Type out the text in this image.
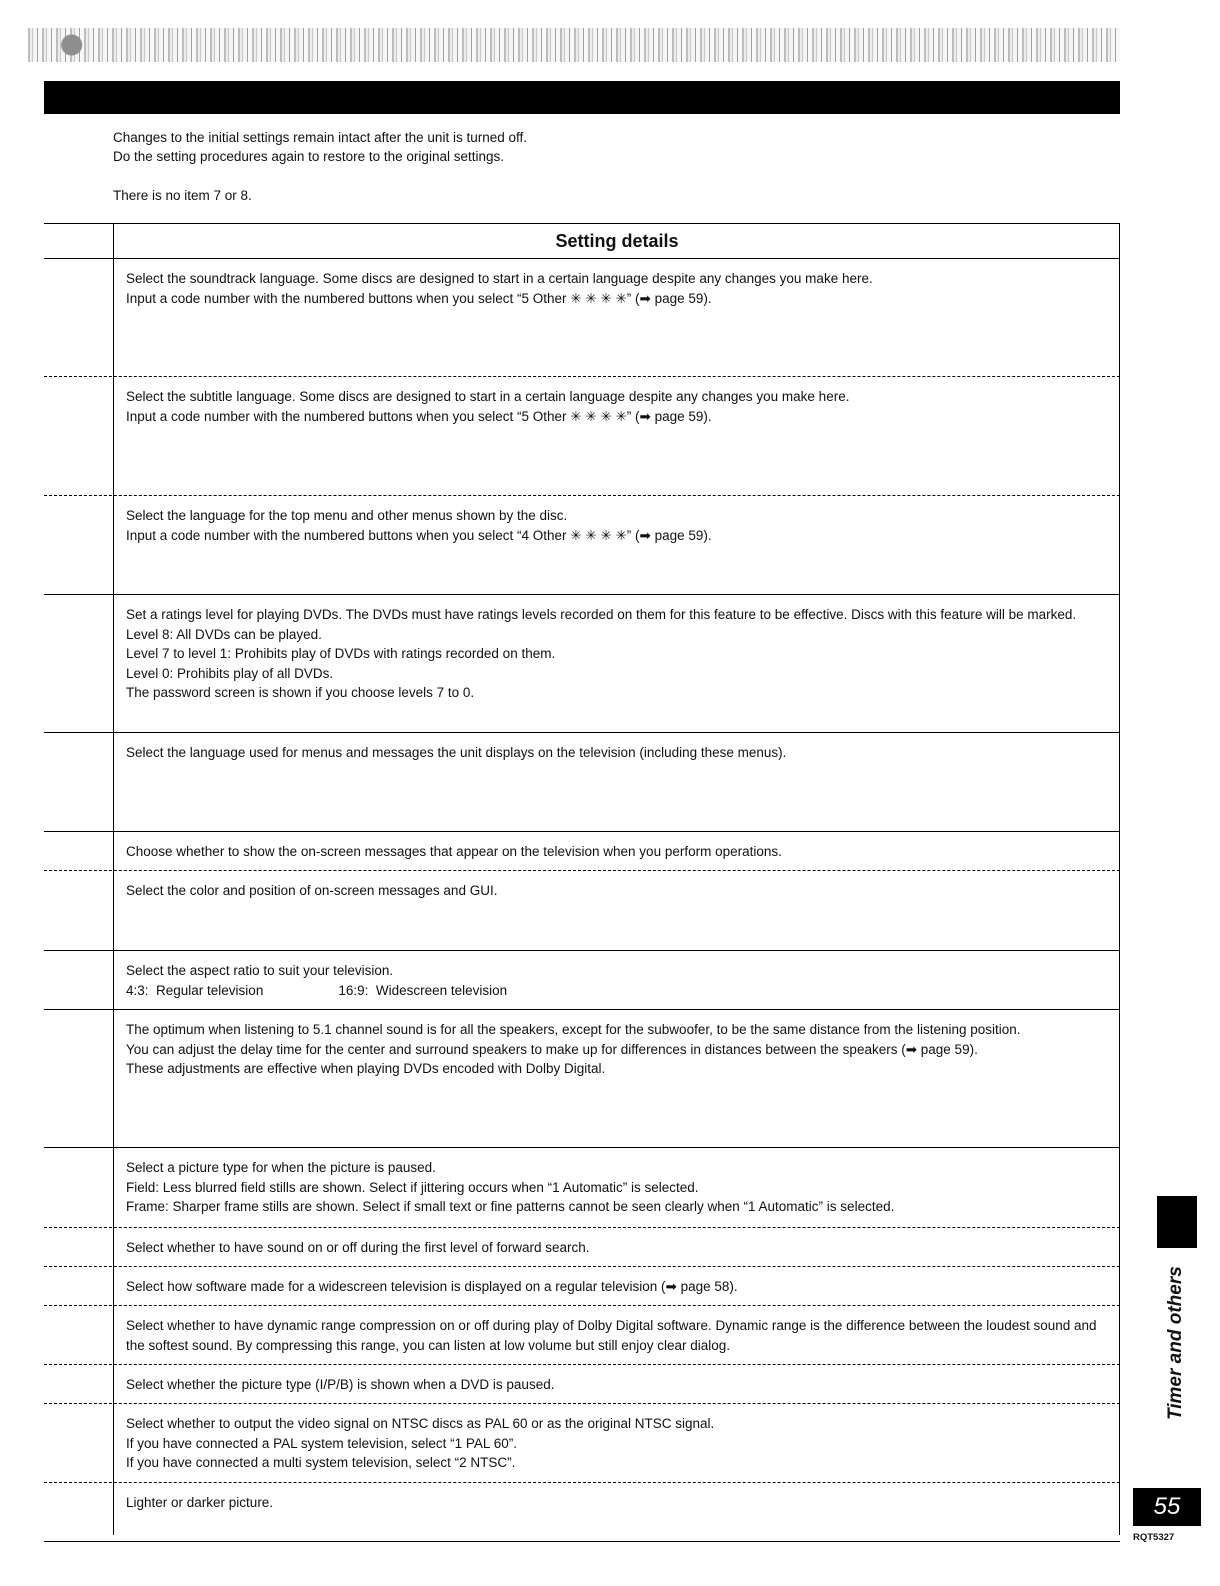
Changes to the initial settings remain intact after the unit is turned off.

Do the setting procedures again to restore to the original settings.

There is no item 7 or 8.

Setting details
Select the soundtrack language. Some discs are designed to start in a certain language despite any changes you make here.
Input a code number with the numbered buttons when you select “5 Other ✳ ✳ ✳ ✳” (➡ page 59).
Select the subtitle language. Some discs are designed to start in a certain language despite any changes you make here.
Input a code number with the numbered buttons when you select “5 Other ✳ ✳ ✳ ✳” (➡ page 59).
Select the language for the top menu and other menus shown by the disc.
Input a code number with the numbered buttons when you select “4 Other ✳ ✳ ✳ ✳” (➡ page 59).
Set a ratings level for playing DVDs. The DVDs must have ratings levels recorded on them for this feature to be effective. Discs with this feature will be marked.
Level 8: All DVDs can be played.
Level 7 to level 1: Prohibits play of DVDs with ratings recorded on them.
Level 0: Prohibits play of all DVDs.
The password screen is shown if you choose levels 7 to 0.
Select the language used for menus and messages the unit displays on the television (including these menus).
Choose whether to show the on-screen messages that appear on the television when you perform operations.
Select the color and position of on-screen messages and GUI.
Select the aspect ratio to suit your television.
4:3:  Regular television                    16:9:  Widescreen television
The optimum when listening to 5.1 channel sound is for all the speakers, except for the subwoofer, to be the same distance from the listening position.
You can adjust the delay time for the center and surround speakers to make up for differences in distances between the speakers (➡ page 59).
These adjustments are effective when playing DVDs encoded with Dolby Digital.
Select a picture type for when the picture is paused.
Field: Less blurred field stills are shown. Select if jittering occurs when “1 Automatic” is selected.
Frame: Sharper frame stills are shown. Select if small text or fine patterns cannot be seen clearly when “1 Automatic” is selected.
Select whether to have sound on or off during the first level of forward search.
Select how software made for a widescreen television is displayed on a regular television (➡ page 58).
Select whether to have dynamic range compression on or off during play of Dolby Digital software. Dynamic range is the difference between the loudest sound and the softest sound. By compressing this range, you can listen at low volume but still enjoy clear dialog.
Select whether the picture type (I/P/B) is shown when a DVD is paused.
Select whether to output the video signal on NTSC discs as PAL 60 or as the original NTSC signal.
If you have connected a PAL system television, select “1 PAL 60”.
If you have connected a multi system television, select “2 NTSC”.
Lighter or darker picture.
Timer and others
55
RQT5327
